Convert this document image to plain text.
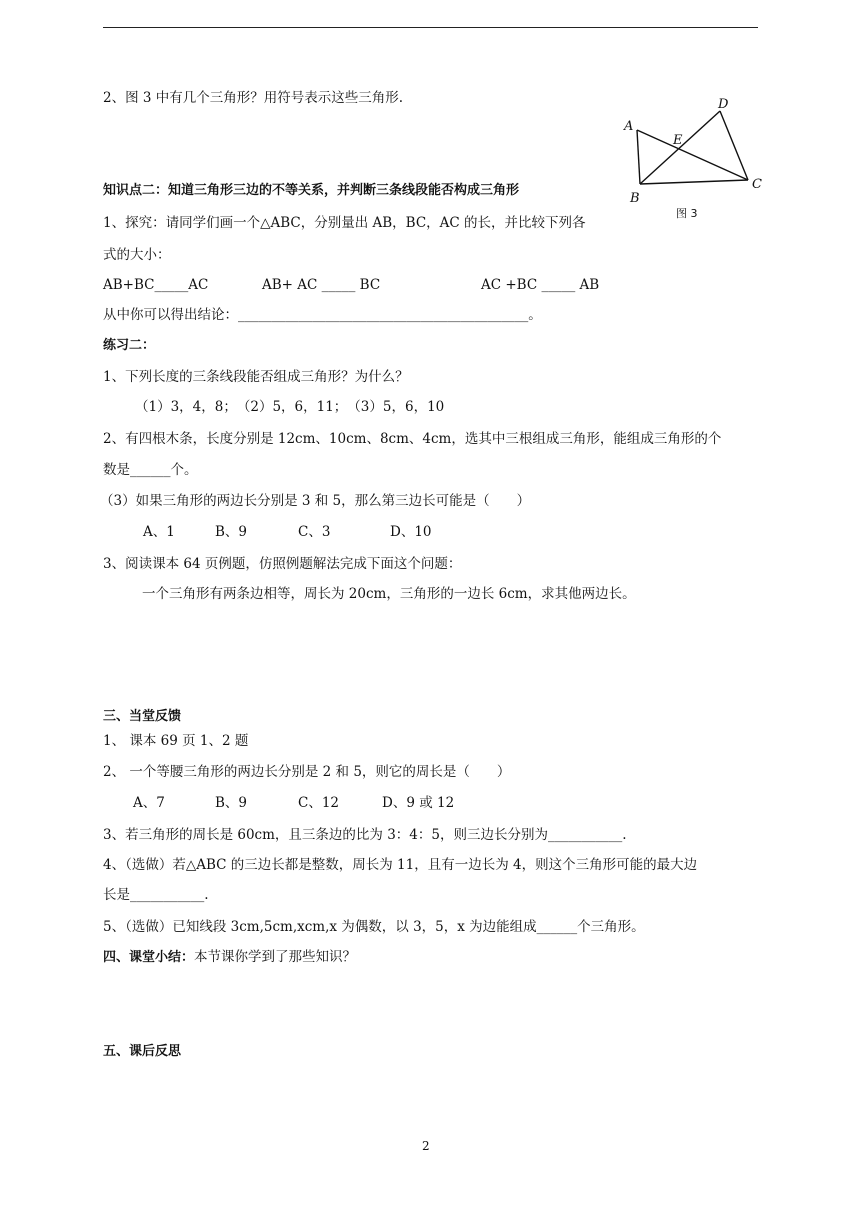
2、图 3 中有几个三角形？用符号表示这些三角形.
A
B
C
D
E
图 3
知识点二：知道三角形三边的不等关系，并判断三条线段能否构成三角形
1、探究：请同学们画一个△ABC，分别量出 AB，BC，AC 的长，并比较下列各
式的大小：
AB+BC_____AC	AB+ AC _____ BC	AC +BC _____ AB
从中你可以得出结论：___________________________________________。
练习二：
1、下列长度的三条线段能否组成三角形？为什么？
（1）3，4，8；　（2）5，6，11；　（3）5，6，10
2、有四根木条，长度分别是 12cm、10cm、8cm、4cm，选其中三根组成三角形，能组成三角形的个
数是______个。
（3）如果三角形的两边长分别是 3 和 5，那么第三边长可能是（　　）
A、1	B、9	C、3	D、10
3、阅读课本 64 页例题，仿照例题解法完成下面这个问题：
一个三角形有两条边相等，周长为 20cm，三角形的一边长 6cm，求其他两边长。
三、当堂反馈
1、 课本 69 页 1、2 题
2、 一个等腰三角形的两边长分别是 2 和 5，则它的周长是（　　）
A、7	B、9	C、12	D、9 或 12
3、若三角形的周长是 60cm，且三条边的比为 3：4：5，则三边长分别为___________.
4、（选做）若△ABC 的三边长都是整数，周长为 11，且有一边长为 4，则这个三角形可能的最大边
长是___________.
5、（选做）已知线段 3cm,5cm,xcm,x 为偶数，以 3，5，x 为边能组成______个三角形。
四、课堂小结：本节课你学到了那些知识？
五、课后反思
2
